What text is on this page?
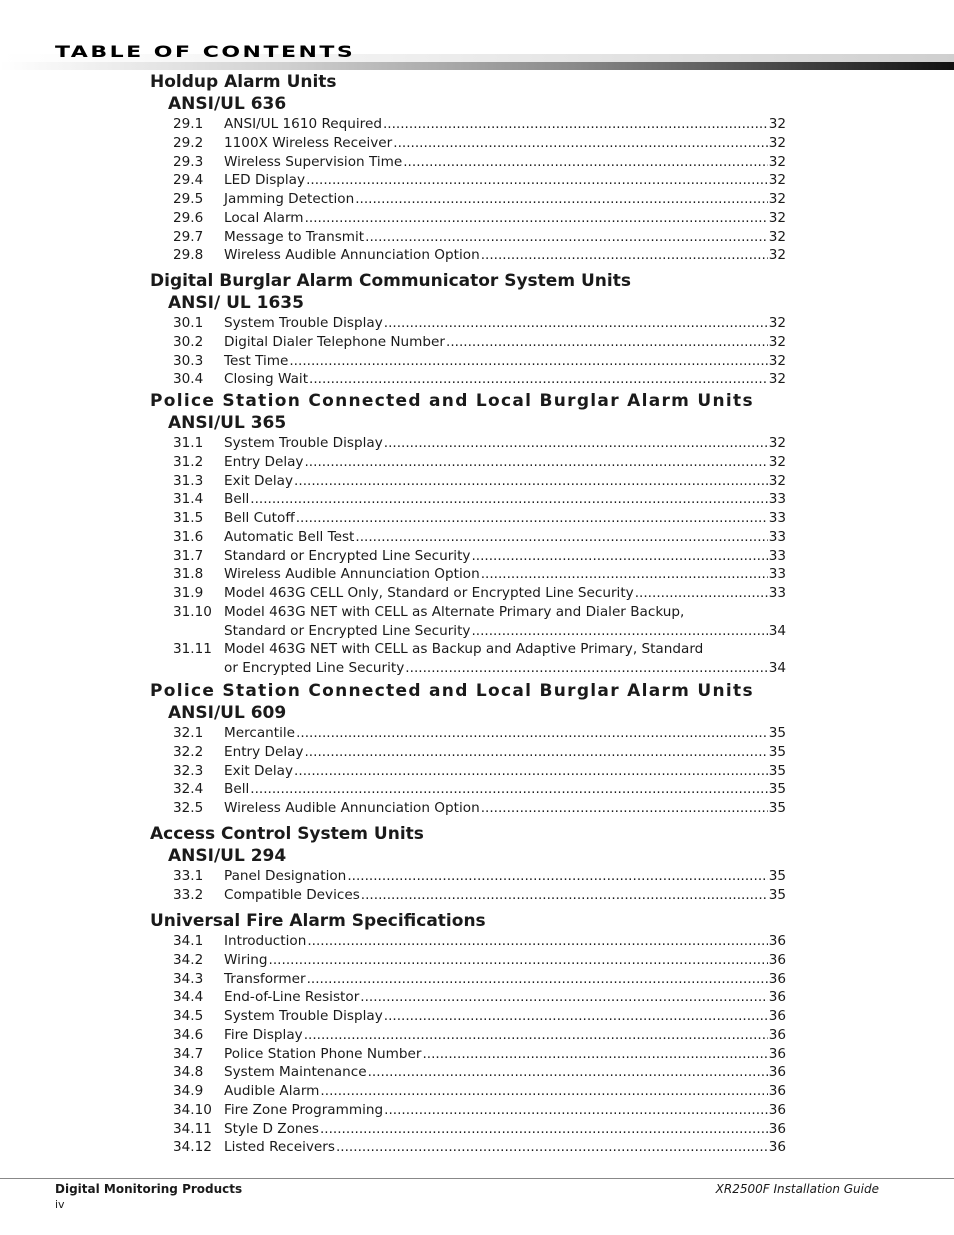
TABLE OF CONTENTS
Holdup Alarm Units
ANSI/UL 636
29.1 ANSI/UL 1610 Required .....	32
29.2 1100X Wireless Receiver .....	32
29.3 Wireless Supervision Time .....	32
29.4 LED Display .....	32
29.5 Jamming Detection .....	32
29.6 Local Alarm .....	32
29.7 Message to Transmit .....	32
29.8 Wireless Audible Annunciation Option .....	32
Digital Burglar Alarm Communicator System Units
ANSI/ UL 1635
30.1 System Trouble Display .....	32
30.2 Digital Dialer Telephone Number .....	32
30.3 Test Time .....	32
30.4 Closing Wait .....	32
Police Station Connected and Local Burglar Alarm Units
ANSI/UL 365
31.1 System Trouble Display .....	32
31.2 Entry Delay .....	32
31.3 Exit Delay .....	32
31.4 Bell .....	33
31.5 Bell Cutoff .....	33
31.6 Automatic Bell Test .....	33
31.7 Standard or Encrypted Line Security .....	33
31.8 Wireless Audible Annunciation Option .....	33
31.9 Model 463G CELL Only, Standard or Encrypted Line Security .....	33
31.10 Model 463G NET with CELL as Alternate Primary and Dialer Backup,
Standard or Encrypted Line Security .....	34
31.11 Model 463G NET with CELL as Backup and Adaptive Primary, Standard
or Encrypted Line Security .....	34
Police Station Connected and Local Burglar Alarm Units
ANSI/UL 609
32.1 Mercantile .....	35
32.2 Entry Delay .....	35
32.3 Exit Delay .....	35
32.4 Bell .....	35
32.5 Wireless Audible Annunciation Option .....	35
Access Control System Units
ANSI/UL 294
33.1 Panel Designation .....	35
33.2 Compatible Devices .....	35
Universal Fire Alarm Specifications
34.1 Introduction .....	36
34.2 Wiring .....	36
34.3 Transformer .....	36
34.4 End-of-Line Resistor .....	36
34.5 System Trouble Display .....	36
34.6 Fire Display .....	36
34.7 Police Station Phone Number .....	36
34.8 System Maintenance .....	36
34.9 Audible Alarm .....	36
34.10 Fire Zone Programming .....	36
34.11 Style D Zones .....	36
34.12 Listed Receivers .....	36
Digital Monitoring Products
iv
XR2500F Installation Guide
